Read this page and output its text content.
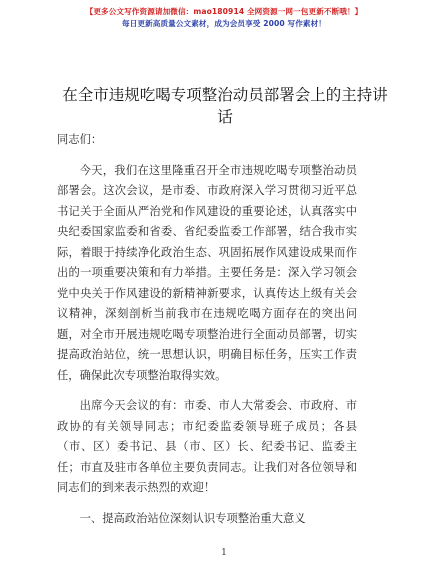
【更多公文写作资源请加微信：mao180914 全网资源一网一包更新不断哦！】
每日更新高质量公文素材，成为会员享受 2000 写作素材！
在全市违规吃喝专项整治动员部署会上的主持讲话

同志们：

今天，我们在这里隆重召开全市违规吃喝专项整治动员部署会。这次会议，是市委、市政府深入学习贯彻习近平总书记关于全面从严治党和作风建设的重要论述，认真落实中央纪委国家监委和省委、省纪委监委工作部署，结合我市实际，着眼于持续净化政治生态、巩固拓展作风建设成果而作出的一项重要决策和有力举措。主要任务是：深入学习领会党中央关于作风建设的新精神新要求，认真传达上级有关会议精神，深刻剖析当前我市在违规吃喝方面存在的突出问题，对全市开展违规吃喝专项整治进行全面动员部署，切实提高政治站位，统一思想认识，明确目标任务，压实工作责任，确保此次专项整治取得实效。

出席今天会议的有：市委、市人大常委会、市政府、市政协的有关领导同志；市纪委监委领导班子成员；各县（市、区）委书记、县（市、区）长、纪委书记、监委主任；市直及驻市各单位主要负责同志。让我们对各位领导和同志们的到来表示热烈的欢迎！

一、提高政治站位深刻认识专项整治重大意义

1
